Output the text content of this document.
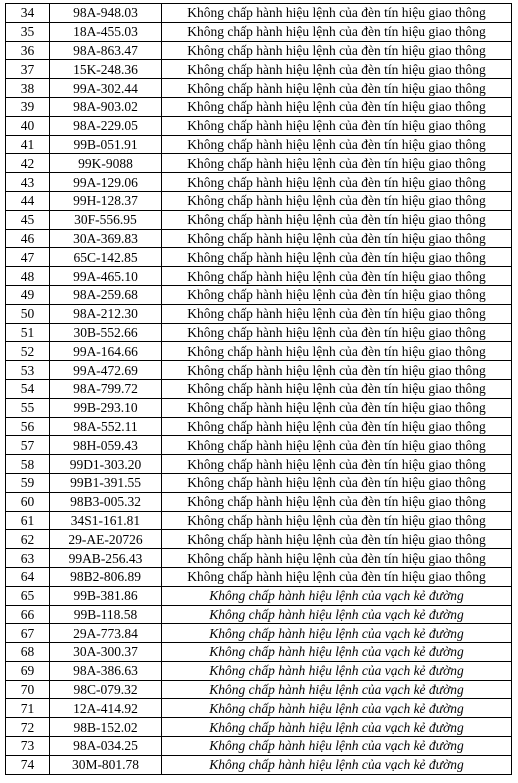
34	98A-948.03	Không chấp hành hiệu lệnh của đèn tín hiệu giao thông
35	18A-455.03	Không chấp hành hiệu lệnh của đèn tín hiệu giao thông
36	98A-863.47	Không chấp hành hiệu lệnh của đèn tín hiệu giao thông
37	15K-248.36	Không chấp hành hiệu lệnh của đèn tín hiệu giao thông
38	99A-302.44	Không chấp hành hiệu lệnh của đèn tín hiệu giao thông
39	98A-903.02	Không chấp hành hiệu lệnh của đèn tín hiệu giao thông
40	98A-229.05	Không chấp hành hiệu lệnh của đèn tín hiệu giao thông
41	99B-051.91	Không chấp hành hiệu lệnh của đèn tín hiệu giao thông
42	99K-9088	Không chấp hành hiệu lệnh của đèn tín hiệu giao thông
43	99A-129.06	Không chấp hành hiệu lệnh của đèn tín hiệu giao thông
44	99H-128.37	Không chấp hành hiệu lệnh của đèn tín hiệu giao thông
45	30F-556.95	Không chấp hành hiệu lệnh của đèn tín hiệu giao thông
46	30A-369.83	Không chấp hành hiệu lệnh của đèn tín hiệu giao thông
47	65C-142.85	Không chấp hành hiệu lệnh của đèn tín hiệu giao thông
48	99A-465.10	Không chấp hành hiệu lệnh của đèn tín hiệu giao thông
49	98A-259.68	Không chấp hành hiệu lệnh của đèn tín hiệu giao thông
50	98A-212.30	Không chấp hành hiệu lệnh của đèn tín hiệu giao thông
51	30B-552.66	Không chấp hành hiệu lệnh của đèn tín hiệu giao thông
52	99A-164.66	Không chấp hành hiệu lệnh của đèn tín hiệu giao thông
53	99A-472.69	Không chấp hành hiệu lệnh của đèn tín hiệu giao thông
54	98A-799.72	Không chấp hành hiệu lệnh của đèn tín hiệu giao thông
55	99B-293.10	Không chấp hành hiệu lệnh của đèn tín hiệu giao thông
56	98A-552.11	Không chấp hành hiệu lệnh của đèn tín hiệu giao thông
57	98H-059.43	Không chấp hành hiệu lệnh của đèn tín hiệu giao thông
58	99D1-303.20	Không chấp hành hiệu lệnh của đèn tín hiệu giao thông
59	99B1-391.55	Không chấp hành hiệu lệnh của đèn tín hiệu giao thông
60	98B3-005.32	Không chấp hành hiệu lệnh của đèn tín hiệu giao thông
61	34S1-161.81	Không chấp hành hiệu lệnh của đèn tín hiệu giao thông
62	29-AE-20726	Không chấp hành hiệu lệnh của đèn tín hiệu giao thông
63	99AB-256.43	Không chấp hành hiệu lệnh của đèn tín hiệu giao thông
64	98B2-806.89	Không chấp hành hiệu lệnh của đèn tín hiệu giao thông
65	99B-381.86	Không chấp hành hiệu lệnh của vạch kẻ đường
66	99B-118.58	Không chấp hành hiệu lệnh của vạch kẻ đường
67	29A-773.84	Không chấp hành hiệu lệnh của vạch kẻ đường
68	30A-300.37	Không chấp hành hiệu lệnh của vạch kẻ đường
69	98A-386.63	Không chấp hành hiệu lệnh của vạch kẻ đường
70	98C-079.32	Không chấp hành hiệu lệnh của vạch kẻ đường
71	12A-414.92	Không chấp hành hiệu lệnh của vạch kẻ đường
72	98B-152.02	Không chấp hành hiệu lệnh của vạch kẻ đường
73	98A-034.25	Không chấp hành hiệu lệnh của vạch kẻ đường
74	30M-801.78	Không chấp hành hiệu lệnh của vạch kẻ đường
